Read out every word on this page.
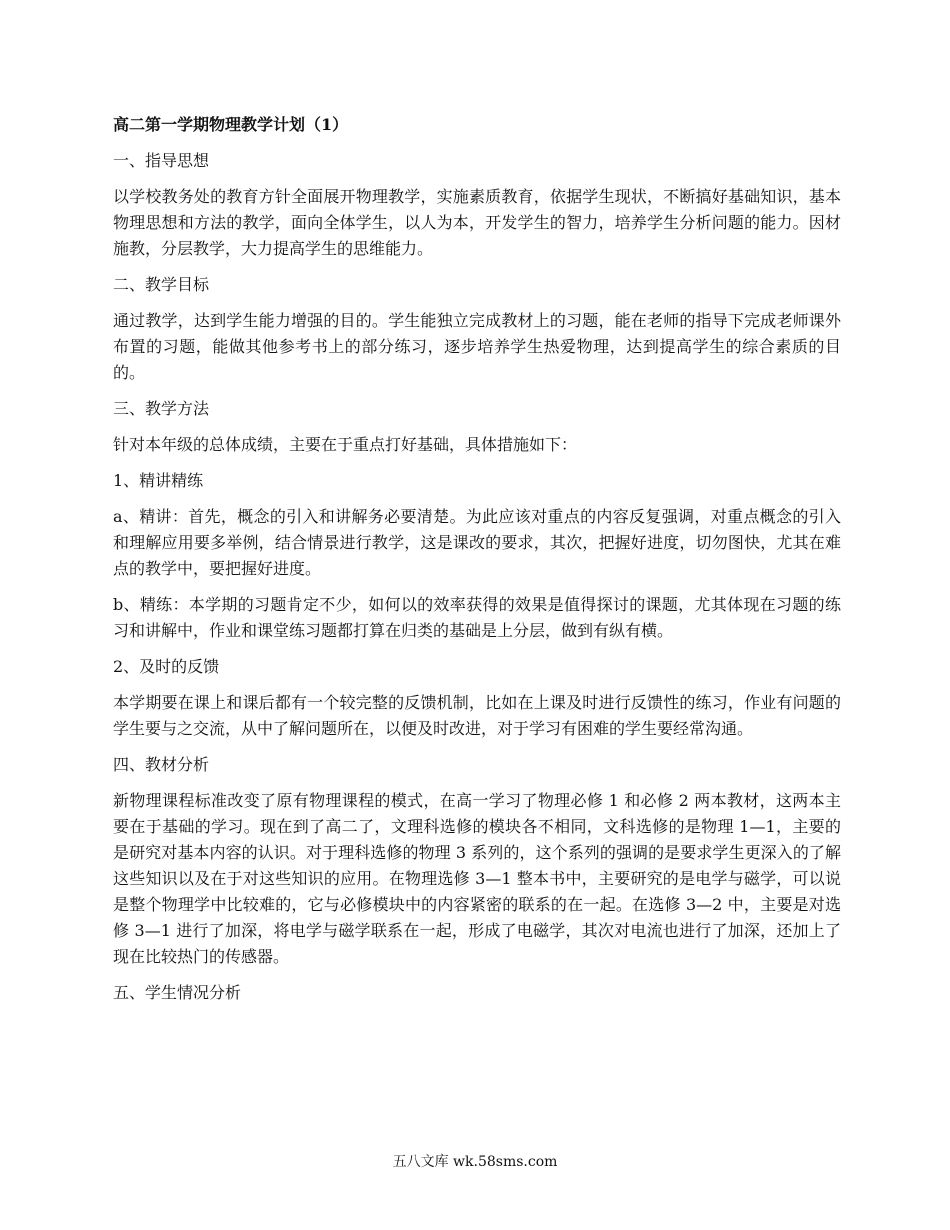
高二第一学期物理教学计划（1）
一、指导思想
以学校教务处的教育方针全面展开物理教学，实施素质教育，依据学生现状，不断搞好基础知识，基本物理思想和方法的教学，面向全体学生，以人为本，开发学生的智力，培养学生分析问题的能力。因材施教，分层教学，大力提高学生的思维能力。
二、教学目标
通过教学，达到学生能力增强的目的。学生能独立完成教材上的习题，能在老师的指导下完成老师课外布置的习题，能做其他参考书上的部分练习，逐步培养学生热爱物理，达到提高学生的综合素质的目的。
三、教学方法
针对本年级的总体成绩，主要在于重点打好基础，具体措施如下：
1、精讲精练
a、精讲：首先，概念的引入和讲解务必要清楚。为此应该对重点的内容反复强调，对重点概念的引入和理解应用要多举例，结合情景进行教学，这是课改的要求，其次，把握好进度，切勿图快，尤其在难点的教学中，要把握好进度。
b、精练：本学期的习题肯定不少，如何以的效率获得的效果是值得探讨的课题，尤其体现在习题的练习和讲解中，作业和课堂练习题都打算在归类的基础是上分层，做到有纵有横。
2、及时的反馈
本学期要在课上和课后都有一个较完整的反馈机制，比如在上课及时进行反馈性的练习，作业有问题的学生要与之交流，从中了解问题所在，以便及时改进，对于学习有困难的学生要经常沟通。
四、教材分析
新物理课程标准改变了原有物理课程的模式，在高一学习了物理必修 1 和必修 2 两本教材，这两本主要在于基础的学习。现在到了高二了，文理科选修的模块各不相同，文科选修的是物理 1—1，主要的是研究对基本内容的认识。对于理科选修的物理 3 系列的，这个系列的强调的是要求学生更深入的了解这些知识以及在于对这些知识的应用。在物理选修 3—1 整本书中，主要研究的是电学与磁学，可以说是整个物理学中比较难的，它与必修模块中的内容紧密的联系的在一起。在选修 3—2 中，主要是对选修 3—1 进行了加深，将电学与磁学联系在一起，形成了电磁学，其次对电流也进行了加深，还加上了现在比较热门的传感器。
五、学生情况分析
五八文库 wk.58sms.com
